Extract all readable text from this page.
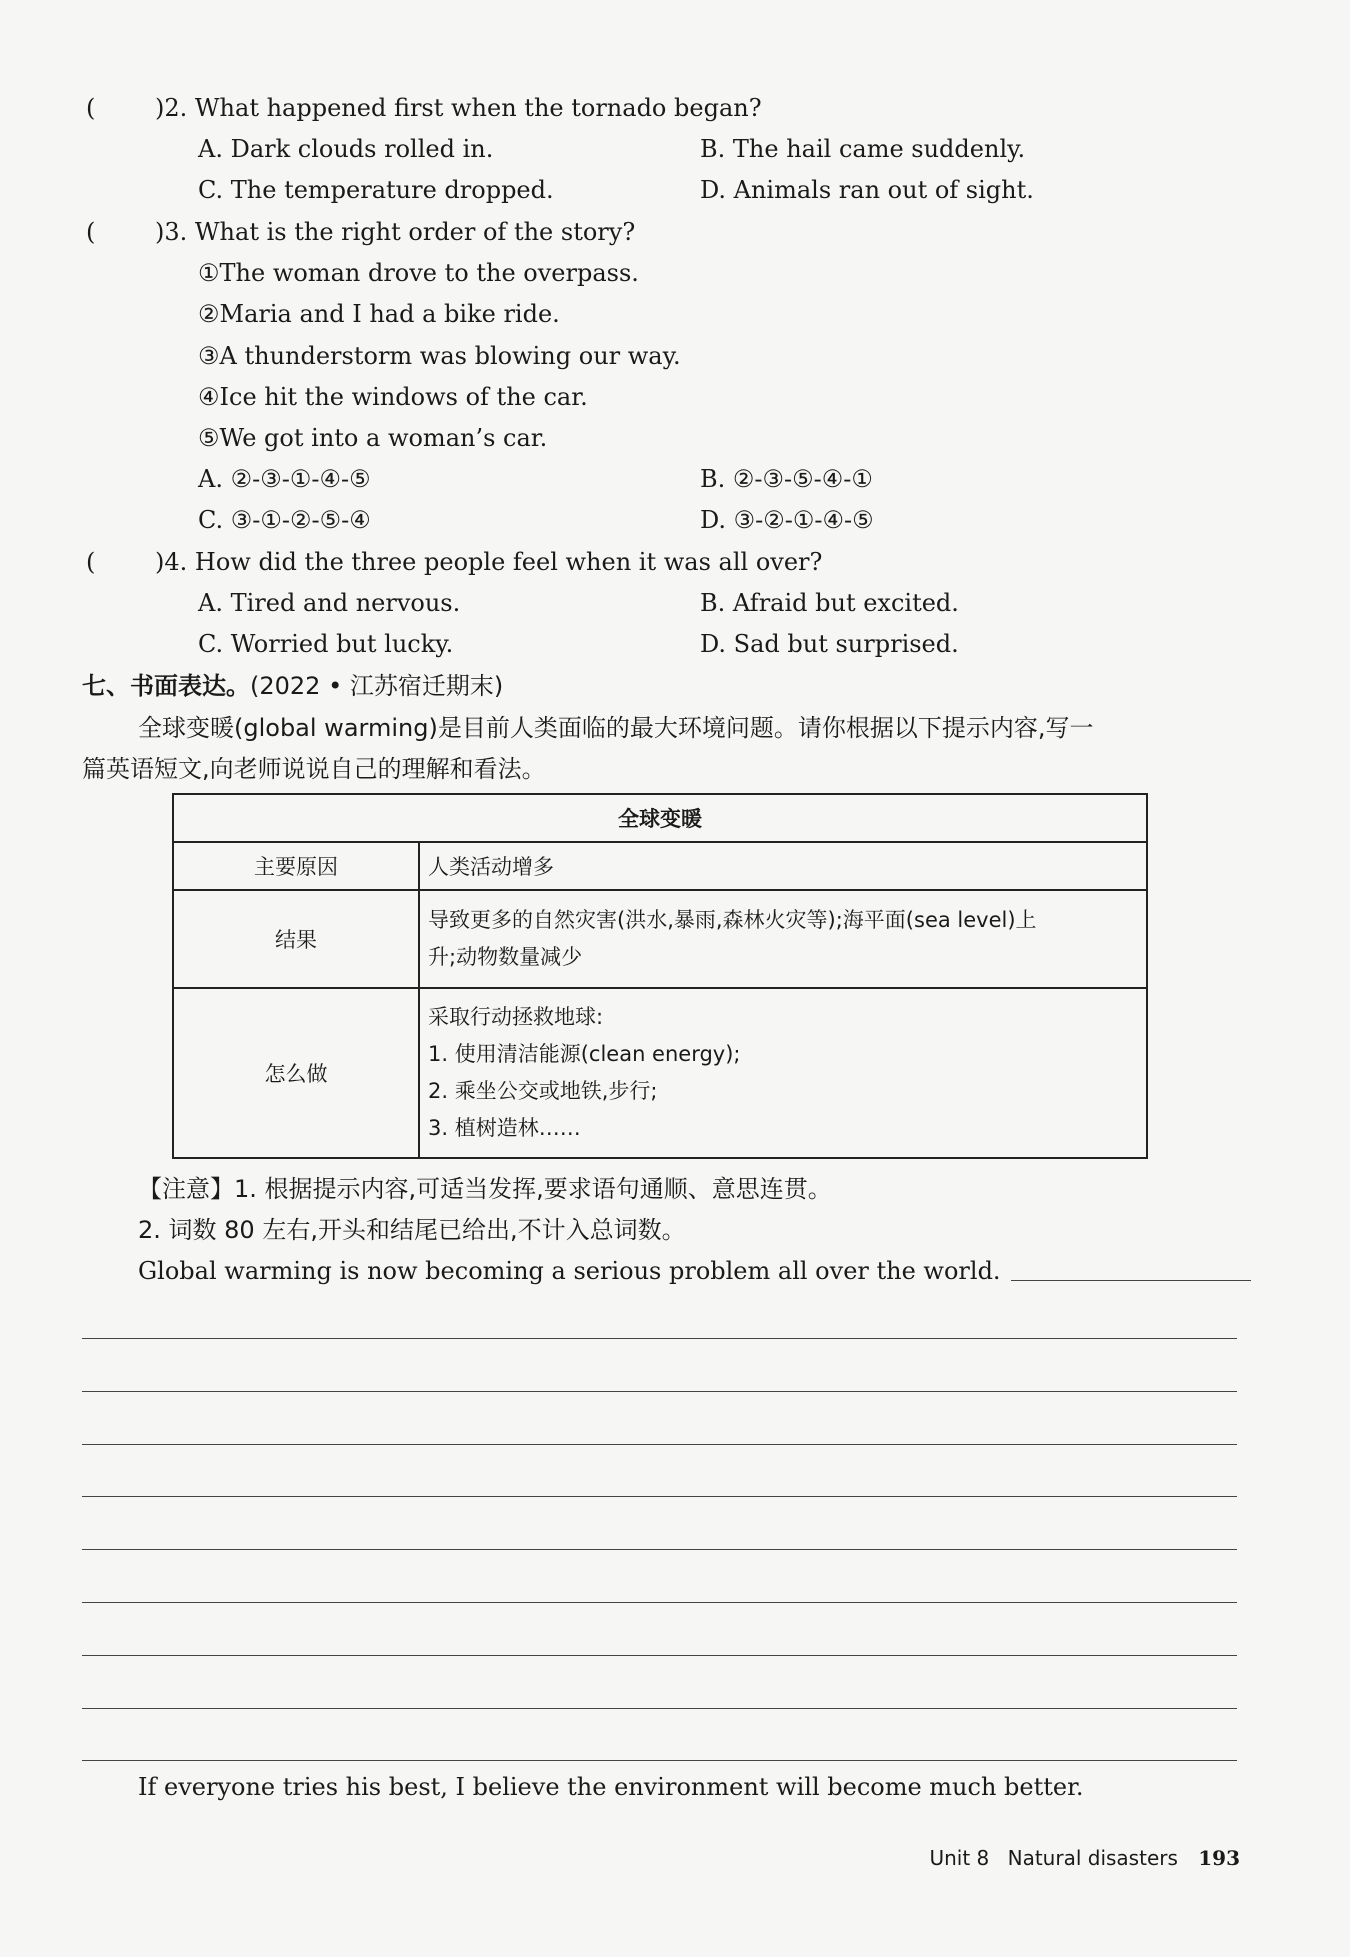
( )2. What happened first when the tornado began?
A. Dark clouds rolled in.	B. The hail came suddenly.
C. The temperature dropped.	D. Animals ran out of sight.
( )3. What is the right order of the story?
①The woman drove to the overpass.
②Maria and I had a bike ride.
③A thunderstorm was blowing our way.
④Ice hit the windows of the car.
⑤We got into a woman’s car.
A. ②-③-①-④-⑤	B. ②-③-⑤-④-①
C. ③-①-②-⑤-④	D. ③-②-①-④-⑤
( )4. How did the three people feel when it was all over?
A. Tired and nervous.	B. Afraid but excited.
C. Worried but lucky.	D. Sad but surprised.
七、书面表达。(2022 • 江苏宿迁期末)
全球变暖(global warming)是目前人类面临的最大环境问题。请你根据以下提示内容,写一
篇英语短文,向老师说说自己的理解和看法。
全球变暖	
主要原因	人类活动增多
结果	导致更多的自然灾害(洪水,暴雨,森林火灾等);海平面(sea level)上
升;动物数量减少

怎么做	采取行动拯救地球:
1. 使用清洁能源(clean energy);
2. 乘坐公交或地铁,步行;
3. 植树造林……
【注意】1. 根据提示内容,可适当发挥,要求语句通顺、意思连贯。
2. 词数 80 左右,开头和结尾已给出,不计入总词数。
Global warming is now becoming a serious problem all over the world.
If everyone tries his best, I believe the environment will become much better.
Unit 8 Natural disasters 193
